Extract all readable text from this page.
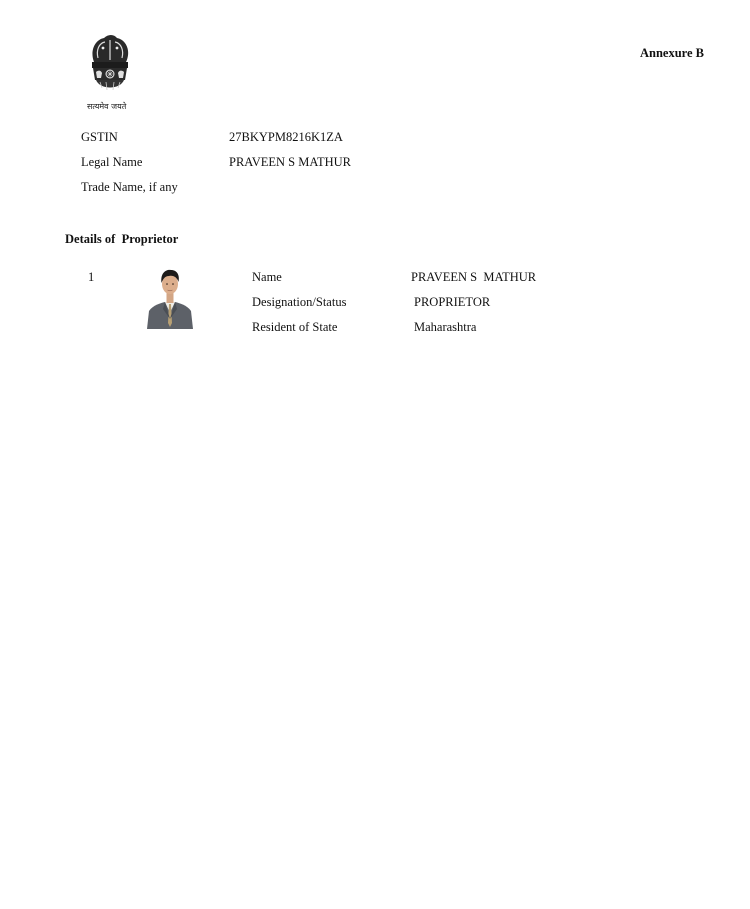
सत्यमेव जयते
Annexure B
GSTIN	27BKYPM8216K1ZA
Legal Name	PRAVEEN S MATHUR
Trade Name, if any
Details of  Proprietor
1	Name	PRAVEEN S  MATHUR
Designation/Status	PROPRIETOR
Resident of State	Maharashtra
